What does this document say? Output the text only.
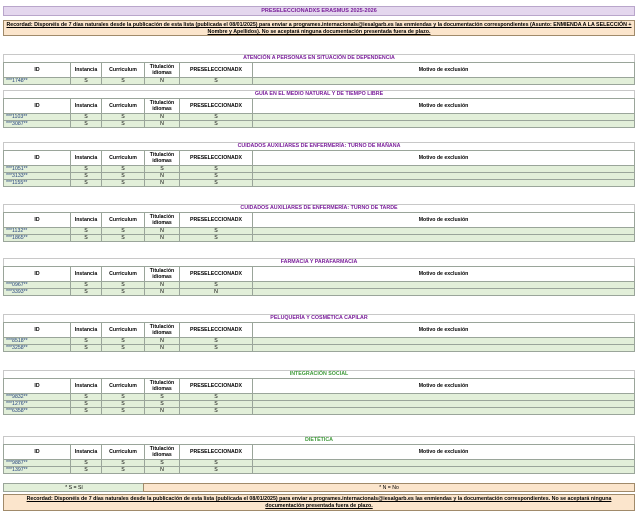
PRESELECCIONADXS ERASMUS 2025-2026
Recordad: Disponéis de 7 días naturales desde la publicación de esta lista (publicada el 08/01/2025) para enviar a programes.internacionals@iesalgarb.es las enmiendas y la documentación correspondientes (Asunto: ENMIENDA A LA SELECCIÓN + Nombre y Apellidos). No se aceptará ninguna documentación presentada fuera de plazo.
ATENCIÓN A PERSONAS EN SITUACIÓN DE DEPENDENCIA
ID	Instancia	Curriculum	Titulación idiomas	PRESELECCIONADX	Motivo de exclusión
***1748**	S	S	N	S	
GUÍA EN EL MEDIO NATURAL Y DE TIEMPO LIBRE
ID	Instancia	Curriculum	Titulación idiomas	PRESELECCIONADX	Motivo de exclusión
***1103**	S	S	N	S	
***3087**	S	S	N	S	
CUIDADOS AUXILIARES DE ENFERMERÍA: TURNO DE MAÑANA
ID	Instancia	Curriculum	Titulación idiomas	PRESELECCIONADX	Motivo de exclusión
***1051**	S	S	S	S	
***3133**	S	S	N	S	
***1155**	S	S	N	S	
CUIDADOS AUXILIARES DE ENFERMERÍA: TURNO DE TARDE
ID	Instancia	Curriculum	Titulación idiomas	PRESELECCIONADX	Motivo de exclusión
***1132**	S	S	N	S	
***1865**	S	S	N	S	
FARMACIA Y PARAFARMACIA
ID	Instancia	Curriculum	Titulación idiomas	PRESELECCIONADX	Motivo de exclusión
***0967**	S	S	N	S	
***3393**	S	S	N	N	
PELUQUERÍA Y COSMÉTICA CAPILAR
ID	Instancia	Curriculum	Titulación idiomas	PRESELECCIONADX	Motivo de exclusión
***8518**	S	S	N	S	
***3258**	S	S	N	S	
INTEGRACIÓN SOCIAL
ID	Instancia	Curriculum	Titulación idiomas	PRESELECCIONADX	Motivo de exclusión
***9832**	S	S	S	S	
***1276**	S	S	S	S	
***6358**	S	S	N	S	
DIETÉTICA
ID	Instancia	Curriculum	Titulación idiomas	PRESELECCIONADX	Motivo de exclusión
***9887**	S	S	S	S	
***1397**	S	S	N	S	
* S = Sí	* N = No
Recordad: Disponéis de 7 días naturales desde la publicación de esta lista (publicada el 08/01/2025) para enviar a programes.internacionals@iesalgarb.es las enmiendas y la documentación correspondientes. No se aceptará ninguna documentación presentada fuera de plazo.
